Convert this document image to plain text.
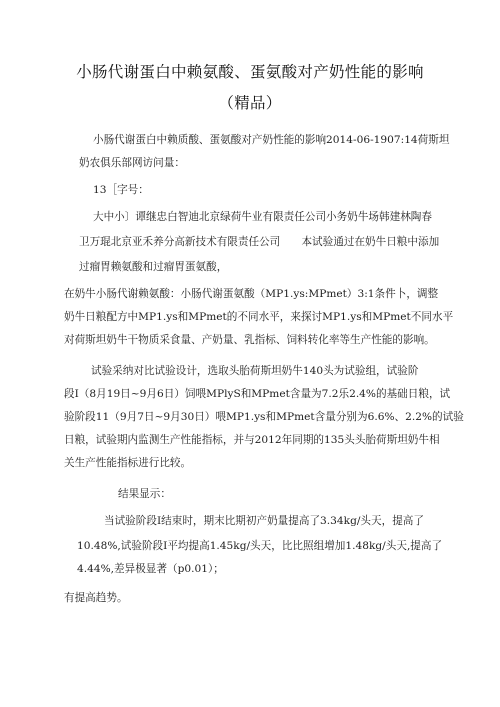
小肠代谢蛋白中赖氨酸、蛋氨酸对产奶性能的影响
（精品）
小肠代谢蛋白中赖质酸、蛋氨酸对产奶性能的影响2014-06-1907:14荷斯坦
奶农俱乐部网访问量：
13［字号：
大中小〕谭继忠白智迪北京绿荷牛业有限责任公司小务奶牛场韩建林陶春
卫万琨北京亚禾养分高新技术有限责任公司　　本试验通过在奶牛日粮中添加
过瘤胃赖氨酸和过瘤胃蛋氨酸，
在奶牛小肠代谢赖氨酸：小肠代谢蛋氨酸（MP1.ys:MPmet）3:1条件卜，调整
奶牛日粮配方中MP1.ys和MPmet的不同水平，来探讨MP1.ys和MPmet不同水平
对荷斯坦奶牛干物质采食量、产奶量、乳指标、饲料转化率等生产性能的影响。
试验采纳对比试验设计，选取头胎荷斯坦奶牛140头为试验组，试验阶
段I（8月19日~9月6日）饲喂MPlyS和MPmet含量为7.2乐2.4%的基础日粮，试
验阶段11（9月7日~9月30日）喂MP1.ys和MPmet含量分别为6.6%、2.2%的试验
日粮，试验期内监测生产性能指标，并与2012年同期的135头头胎荷斯坦奶牛相
关生产性能指标进行比较。
结果显示：
当试验阶段I结束时，期末比期初产奶量提高了3.34kg/头天，提高了
10.48%,试验阶段I平均提高1.45kg/头天，比比照组增加1.48kg/头天,提高了
4.44%,差异极显著（p0.01）；
有提高趋势。
